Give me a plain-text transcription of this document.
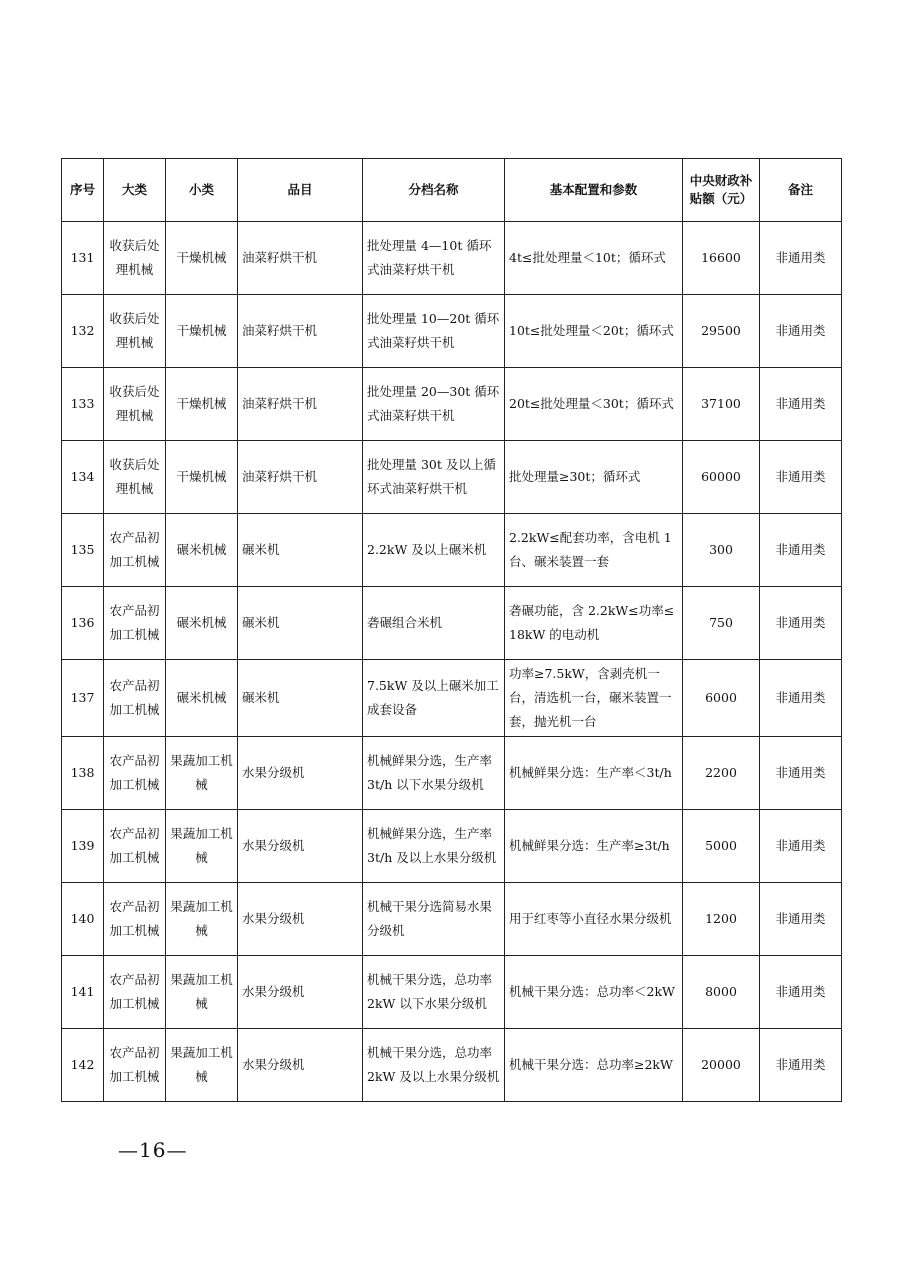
序号	大类	小类	品目	分档名称	基本配置和参数	中央财政补贴额（元）	备注
131	收获后处理机械	干燥机械	油菜籽烘干机	批处理量 4—10t 循环式油菜籽烘干机	4t≤批处理量＜10t；循环式	16600	非通用类
132	收获后处理机械	干燥机械	油菜籽烘干机	批处理量 10—20t 循环式油菜籽烘干机	10t≤批处理量＜20t；循环式	29500	非通用类
133	收获后处理机械	干燥机械	油菜籽烘干机	批处理量 20—30t 循环式油菜籽烘干机	20t≤批处理量＜30t；循环式	37100	非通用类
134	收获后处理机械	干燥机械	油菜籽烘干机	批处理量 30t 及以上循环式油菜籽烘干机	批处理量≥30t；循环式	60000	非通用类
135	农产品初加工机械	碾米机械	碾米机	2.2kW 及以上碾米机	2.2kW≤配套功率，含电机 1 台、碾米装置一套	300	非通用类
136	农产品初加工机械	碾米机械	碾米机	砻碾组合米机	砻碾功能，含 2.2kW≤功率≤18kW 的电动机	750	非通用类
137	农产品初加工机械	碾米机械	碾米机	7.5kW 及以上碾米加工成套设备	功率≥7.5kW，含剥壳机一台，清选机一台，碾米装置一套，抛光机一台	6000	非通用类
138	农产品初加工机械	果蔬加工机械	水果分级机	机械鲜果分选，生产率 3t/h 以下水果分级机	机械鲜果分选：生产率＜3t/h	2200	非通用类
139	农产品初加工机械	果蔬加工机械	水果分级机	机械鲜果分选，生产率 3t/h 及以上水果分级机	机械鲜果分选：生产率≥3t/h	5000	非通用类
140	农产品初加工机械	果蔬加工机械	水果分级机	机械干果分选简易水果分级机	用于红枣等小直径水果分级机	1200	非通用类
141	农产品初加工机械	果蔬加工机械	水果分级机	机械干果分选，总功率 2kW 以下水果分级机	机械干果分选：总功率＜2kW	8000	非通用类
142	农产品初加工机械	果蔬加工机械	水果分级机	机械干果分选，总功率 2kW 及以上水果分级机	机械干果分选：总功率≥2kW	20000	非通用类
—16—
